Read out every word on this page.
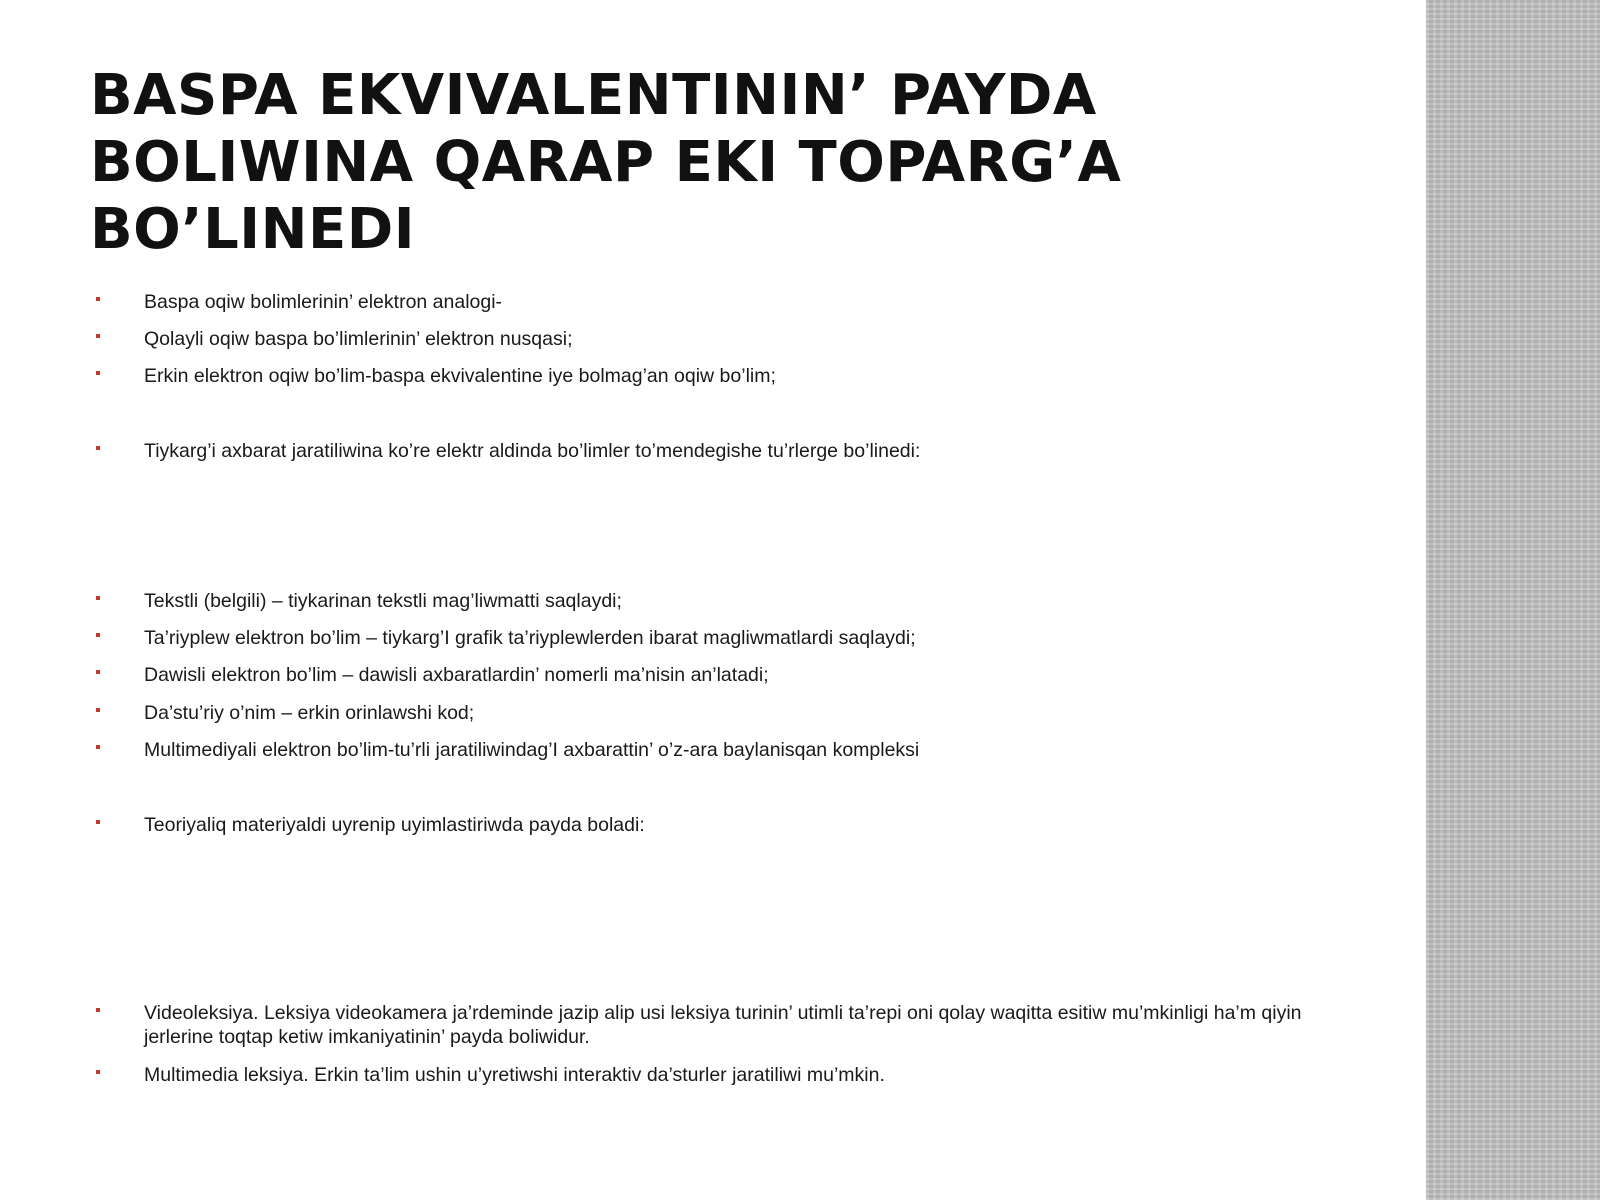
BASPA EKVIVALENTININ’ PAYDA BOLIWINA QARAP EKI TOPARG’A BO’LINEDI
Baspa oqiw bolimlerinin’ elektron analogi-
Qolayli oqiw baspa bo’limlerinin’ elektron nusqasi;
Erkin elektron oqiw bo’lim-baspa ekvivalentine iye bolmag’an oqiw bo’lim;
Tiykarg’i axbarat jaratiliwina ko’re elektr aldinda bo’limler to’mendegishe tu’rlerge bo’linedi:
Tekstli (belgili) – tiykarinan tekstli mag’liwmatti saqlaydi;
Ta’riyplew elektron bo’lim – tiykarg’I grafik ta’riyplewlerden ibarat magliwmatlardi saqlaydi;
Dawisli elektron bo’lim – dawisli axbaratlardin’ nomerli ma’nisin an’latadi;
Da’stu’riy o’nim – erkin orinlawshi kod;
Multimediyali elektron bo’lim-tu’rli jaratiliwindag’I axbarattin’ o’z-ara baylanisqan kompleksi
Teoriyaliq materiyaldi uyrenip uyimlastiriwda payda boladi:
Videoleksiya. Leksiya videokamera ja’rdeminde jazip alip usi leksiya turinin’ utimli ta’repi oni qolay waqitta esitiw mu’mkinligi ha’m qiyin jerlerine toqtap ketiw imkaniyatinin’ payda boliwidur.
Multimedia leksiya. Erkin ta’lim ushin u’yretiwshi interaktiv da’sturler jaratiliwi mu’mkin.
